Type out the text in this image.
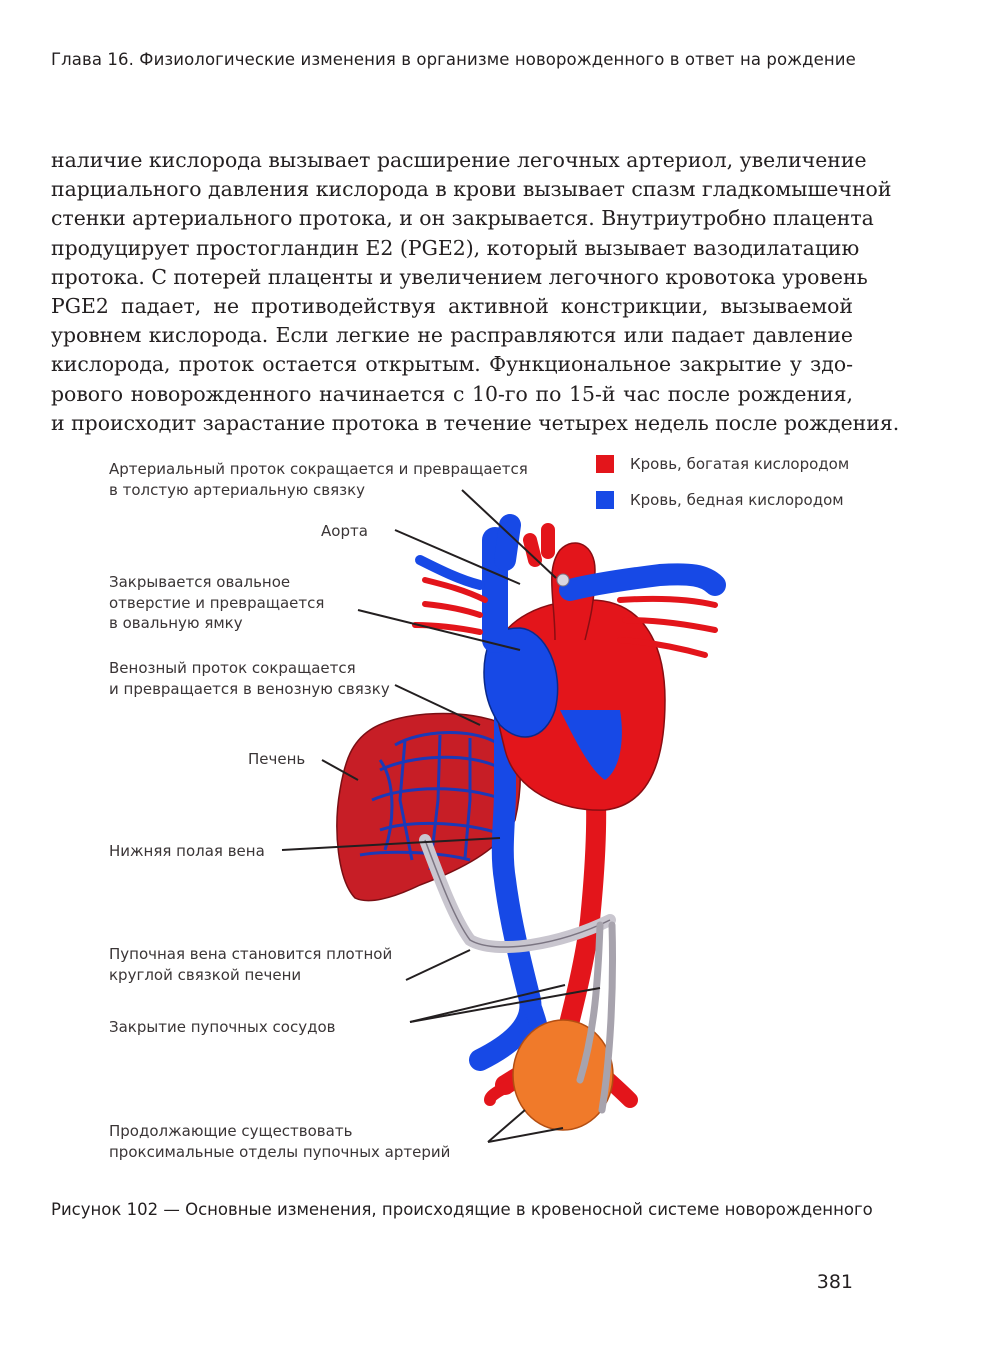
Глава 16. Физиологические изменения в организме новорожденного в ответ на рождение
наличие кислорода вызывает расширение легочных артериол, увеличение
парциального давления кислорода в крови вызывает спазм гладкомышечной
стенки артериального протока, и он закрывается. Внутриутробно плацента
продуцирует простогландин E2 (PGE2), который вызывает вазодилатацию
протока. С потерей плаценты и увеличением легочного кровотока уровень
PGE2 падает, не противодействуя активной констрикции, вызываемой
уровнем кислорода. Если легкие не расправляются или падает давление
кислорода, проток остается открытым. Функциональное закрытие у здо-
рового новорожденного начинается с 10-го по 15-й час после рождения,
и происходит зарастание протока в течение четырех недель после рождения.
Артериальный проток сокращается и превращается
в толстую артериальную связку
Аорта
Закрывается овальное
отверстие и превращается
в овальную ямку
Венозный проток сокращается
и превращается в венозную связку
Печень
Нижняя полая вена
Пупочная вена становится плотной
круглой связкой печени
Закрытие пупочных сосудов
Продолжающие существовать
проксимальные отделы пупочных артерий
Кровь, богатая кислородом
Кровь, бедная кислородом
Рисунок 102 — Основные изменения, происходящие в кровеносной системе новорожденного
381
